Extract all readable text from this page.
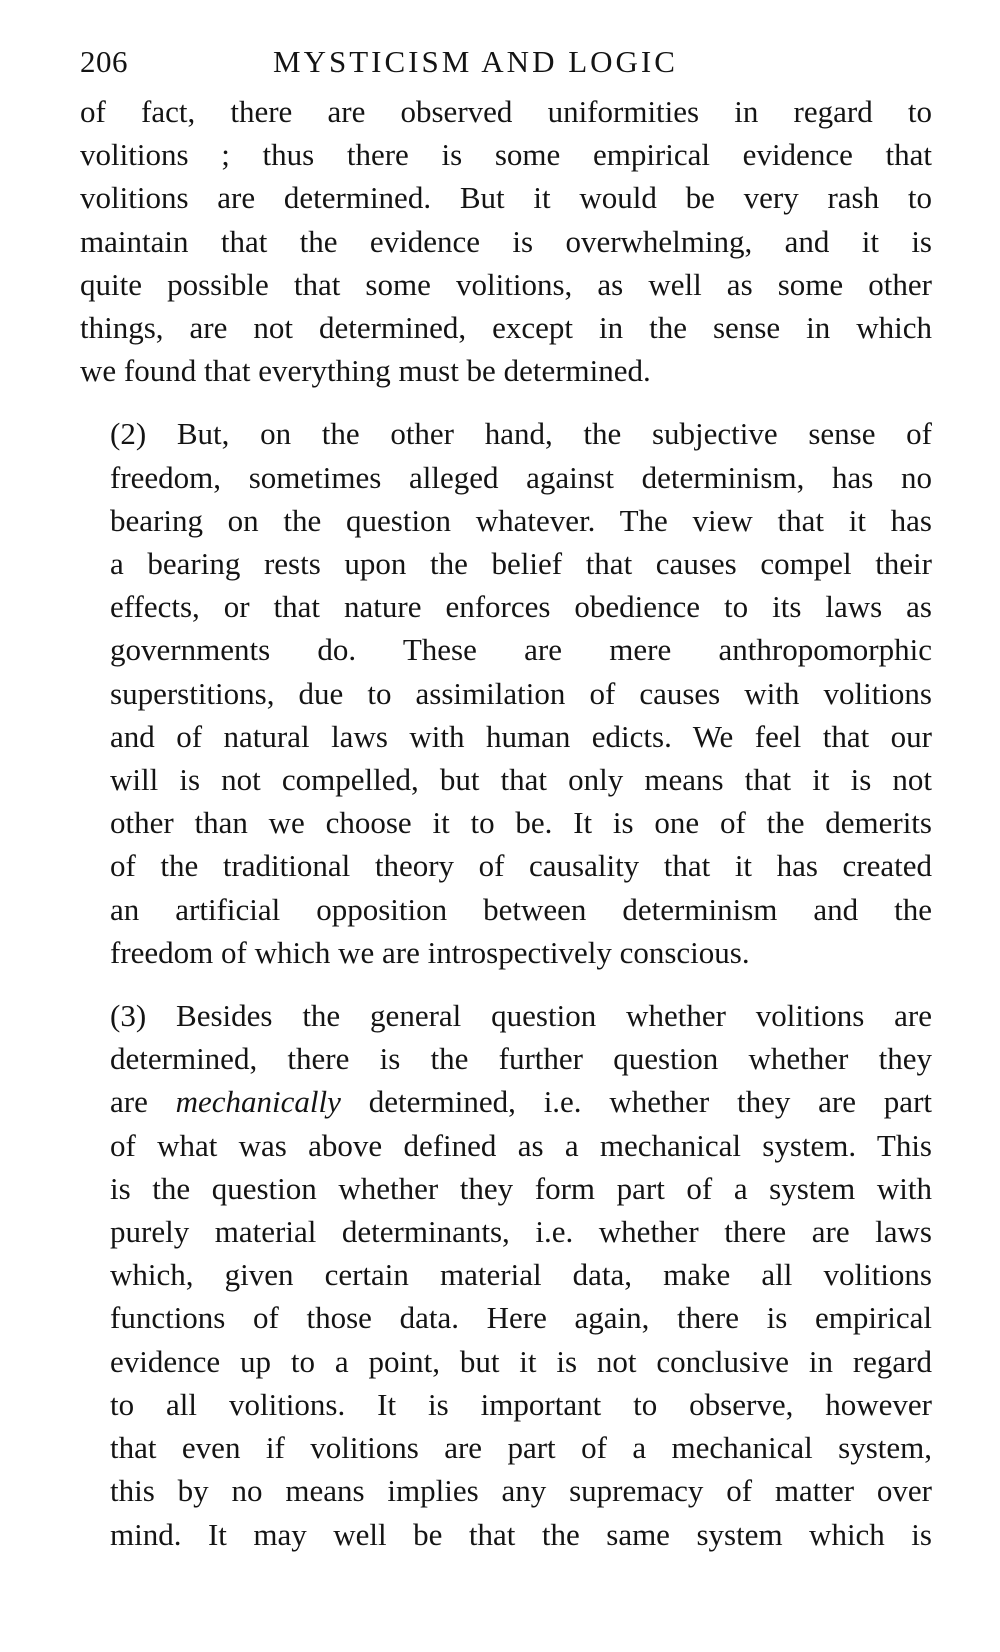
206	MYSTICISM AND LOGIC

of fact, there are observed uniformities in regard to
volitions ; thus there is some empirical evidence that
volitions are determined. But it would be very rash to
maintain that the evidence is overwhelming, and it is
quite possible that some volitions, as well as some other
things, are not determined, except in the sense in which
we found that everything must be determined.

(2) But, on the other hand, the subjective sense of
freedom, sometimes alleged against determinism, has no
bearing on the question whatever. The view that it has
a bearing rests upon the belief that causes compel their
effects, or that nature enforces obedience to its laws as
governments do. These are mere anthropomorphic
superstitions, due to assimilation of causes with volitions
and of natural laws with human edicts. We feel that our
will is not compelled, but that only means that it is not
other than we choose it to be. It is one of the demerits
of the traditional theory of causality that it has created
an artificial opposition between determinism and the
freedom of which we are introspectively conscious.

(3) Besides the general question whether volitions are
determined, there is the further question whether they
are mechanically determined, i.e. whether they are part
of what was above defined as a mechanical system. This
is the question whether they form part of a system with
purely material determinants, i.e. whether there are laws
which, given certain material data, make all volitions
functions of those data. Here again, there is empirical
evidence up to a point, but it is not conclusive in regard
to all volitions. It is important to observe, however
that even if volitions are part of a mechanical system,
this by no means implies any supremacy of matter over
mind. It may well be that the same system which is
